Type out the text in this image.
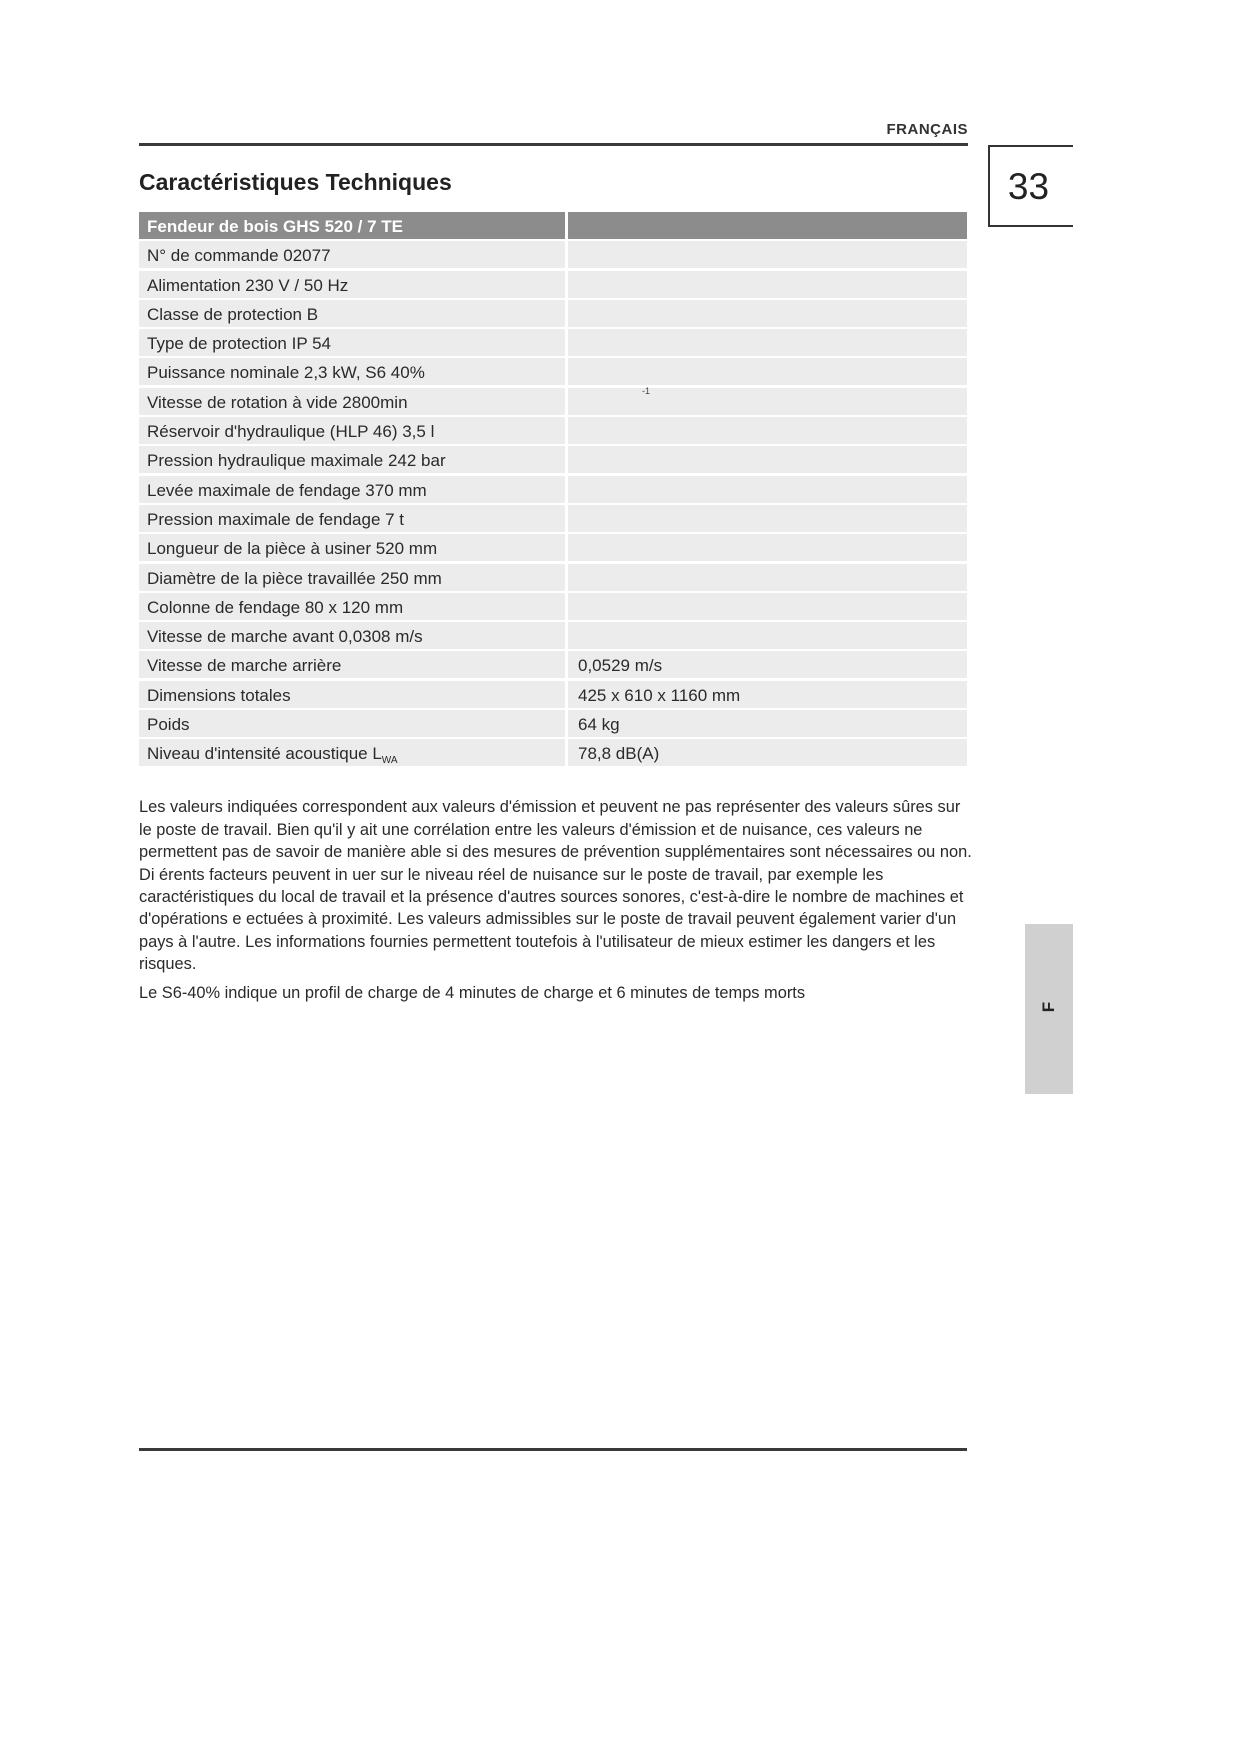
FRANÇAIS
33
Caractéristiques Techniques
Fendeur de bois GHS 520 / 7 TE
N° de commande 02077
Alimentation 230 V / 50 Hz
Classe de protection B
Type de protection IP 54
Puissance nominale 2,3 kW, S6 40%
Vitesse de rotation à vide 2800min
-1
Réservoir d'hydraulique (HLP 46) 3,5 l
Pression hydraulique maximale 242 bar
Levée maximale de fendage 370 mm
Pression maximale de fendage 7 t
Longueur de la pièce à usiner 520 mm
Diamètre de la pièce travaillée 250 mm
Colonne de fendage 80 x 120 mm
Vitesse de marche avant 0,0308 m/s
Vitesse de marche arrière	0,0529 m/s
Dimensions totales	425 x 610 x 1160 mm
Poids	64 kg
Niveau d'intensité acoustique $L_{WA}$	78,8 dB(A)

Les valeurs indiquées correspondent aux valeurs d'émission et peuvent ne pas représenter des valeurs sûres sur le poste de travail. Bien qu'il y ait une corrélation entre les valeurs d'émission et de nuisance, ces valeurs ne permettent pas de savoir de manière able si des mesures de prévention supplémentaires sont nécessaires ou non. Di érents facteurs peuvent in uer sur le niveau réel de nuisance sur le poste de travail, par exemple les caractéristiques du local de travail et la présence d'autres sources sonores, c'est-à-dire le nombre de machines et d'opérations e ectuées à proximité. Les valeurs admissibles sur le poste de travail peuvent également varier d'un pays à l'autre. Les informations fournies permettent toutefois à l'utilisateur de mieux estimer les dangers et les risques.

Le S6-40% indique un profil de charge de 4 minutes de charge et 6 minutes de temps morts

F
